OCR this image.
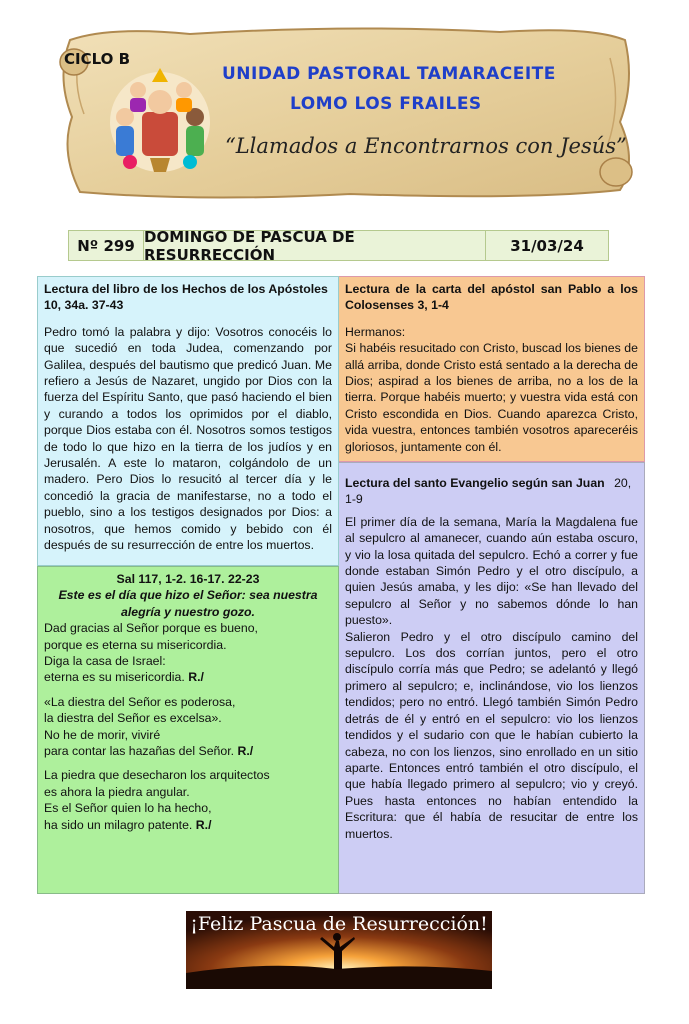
CICLO B
UNIDAD PASTORAL TAMARACEITE
LOMO LOS FRAILES
“Llamados a Encontrarnos con Jesús”
Nº 299 DOMINGO DE PASCUA DE RESURRECCIÓN	31/03/24
Lectura del libro de los Hechos de los Apóstoles 10, 34a. 37-43

Pedro tomó la palabra y dijo: Vosotros conocéis lo que sucedió en toda Judea, comenzando por Galilea, después del bautismo que predicó Juan. Me refiero a Jesús de Nazaret, ungido por Dios con la fuerza del Espíritu Santo, que pasó haciendo el bien y curando a todos los oprimidos por el diablo, porque Dios estaba con él. Nosotros somos testigos de todo lo que hizo en la tierra de los judíos y en Jerusalén. A este lo mataron, colgándolo de un madero. Pero Dios lo resucitó al tercer día y le concedió la gracia de manifestarse, no a todo el pueblo, sino a los testigos designados por Dios: a nosotros, que hemos comido y bebido con él después de su resurrección de entre los muertos.

Lectura de la carta del apóstol san Pablo a los Colosenses 3, 1-4

Hermanos:

Si habéis resucitado con Cristo, buscad los bienes de allá arriba, donde Cristo está sentado a la derecha de Dios; aspirad a los bienes de arriba, no a los de la tierra. Porque habéis muerto; y vuestra vida está con Cristo escondida en Dios. Cuando aparezca Cristo, vida vuestra, entonces también vosotros apareceréis gloriosos, juntamente con él.

Lectura del santo Evangelio según san Juan 20, 1-9

El primer día de la semana, María la Magdalena fue al sepulcro al amanecer, cuando aún estaba oscuro, y vio la losa quitada del sepulcro. Echó a correr y fue donde estaban Simón Pedro y el otro discípulo, a quien Jesús amaba, y les dijo: «Se han llevado del sepulcro al Señor y no sabemos dónde lo han puesto».

Salieron Pedro y el otro discípulo camino del sepulcro. Los dos corrían juntos, pero el otro discípulo corría más que Pedro; se adelantó y llegó primero al sepulcro; e, inclinándose, vio los lienzos tendidos; pero no entró. Llegó también Simón Pedro detrás de él y entró en el sepulcro: vio los lienzos tendidos y el sudario con que le habían cubierto la cabeza, no con los lienzos, sino enrollado en un sitio aparte. Entonces entró también el otro discípulo, el que había llegado primero al sepulcro; vio y creyó. Pues hasta entonces no habían entendido la Escritura: que él había de resucitar de entre los muertos.

Sal 117, 1-2. 16-17. 22-23

Este es el día que hizo el Señor: sea nuestra alegría y nuestro gozo.

Dad gracias al Señor porque es bueno,
porque es eterna su misericordia.
Diga la casa de Israel:
eterna es su misericordia. R./

«La diestra del Señor es poderosa,
la diestra del Señor es excelsa».
No he de morir, viviré
para contar las hazañas del Señor. R./

La piedra que desecharon los arquitectos
es ahora la piedra angular.
Es el Señor quien lo ha hecho,
ha sido un milagro patente. R./

¡Feliz Pascua de Resurrección!
